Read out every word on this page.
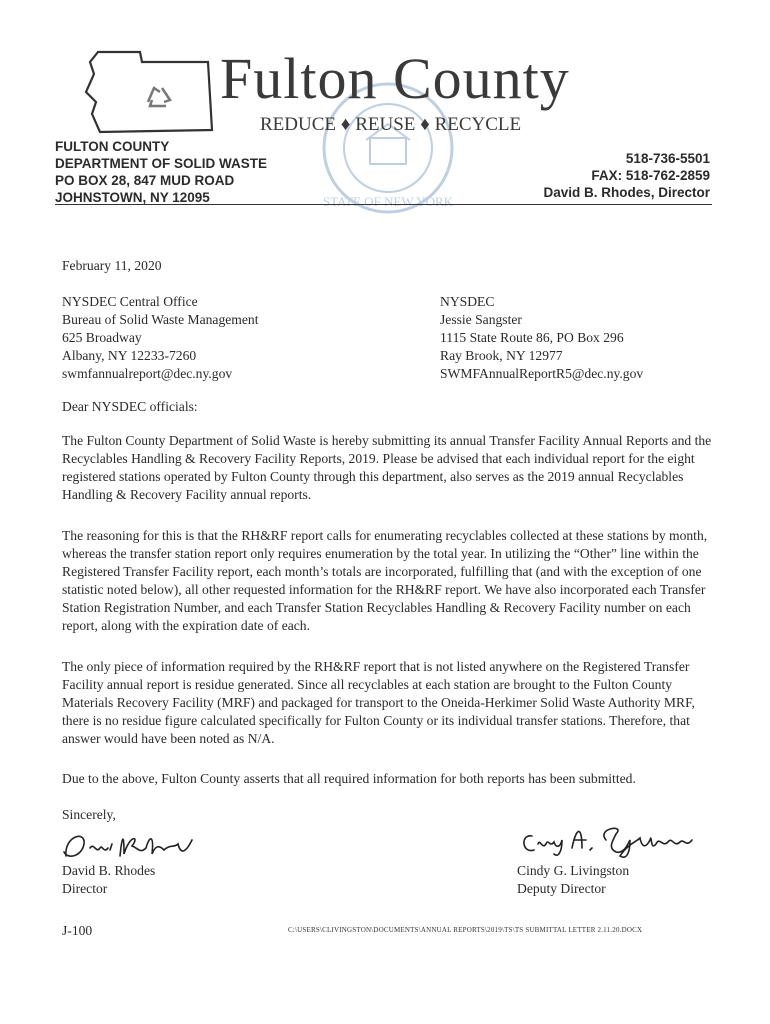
STATE OF NEW YORK
Fulton County
REDUCE ♦ REUSE ♦ RECYCLE
FULTON COUNTY
DEPARTMENT OF SOLID WASTE
PO BOX 28, 847 MUD ROAD
JOHNSTOWN, NY 12095
518-736-5501
FAX: 518-762-2859
David B. Rhodes, Director
February 11, 2020
NYSDEC Central Office
Bureau of Solid Waste Management
625 Broadway
Albany, NY 12233-7260
swmfannualreport@dec.ny.gov
NYSDEC
Jessie Sangster
1115 State Route 86, PO Box 296
Ray Brook, NY 12977
SWMFAnnualReportR5@dec.ny.gov
Dear NYSDEC officials:
The Fulton County Department of Solid Waste is hereby submitting its annual Transfer Facility Annual Reports and the Recyclables Handling & Recovery Facility Reports, 2019. Please be advised that each individual report for the eight registered stations operated by Fulton County through this department, also serves as the 2019 annual Recyclables Handling & Recovery Facility annual reports.
The reasoning for this is that the RH&RF report calls for enumerating recyclables collected at these stations by month, whereas the transfer station report only requires enumeration by the total year. In utilizing the “Other” line within the Registered Transfer Facility report, each month’s totals are incorporated, fulfilling that (and with the exception of one statistic noted below), all other requested information for the RH&RF report. We have also incorporated each Transfer Station Registration Number, and each Transfer Station Recyclables Handling & Recovery Facility number on each report, along with the expiration date of each.
The only piece of information required by the RH&RF report that is not listed anywhere on the Registered Transfer Facility annual report is residue generated. Since all recyclables at each station are brought to the Fulton County Materials Recovery Facility (MRF) and packaged for transport to the Oneida-Herkimer Solid Waste Authority MRF, there is no residue figure calculated specifically for Fulton County or its individual transfer stations. Therefore, that answer would have been noted as N/A.
Due to the above, Fulton County asserts that all required information for both reports has been submitted.
Sincerely,
David B. Rhodes
Director
Cindy G. Livingston
Deputy Director
J-100	C:\USERS\CLIVINGSTON\DOCUMENTS\ANNUAL REPORTS\2019\TS\TS SUBMITTAL LETTER 2.11.20.DOCX
